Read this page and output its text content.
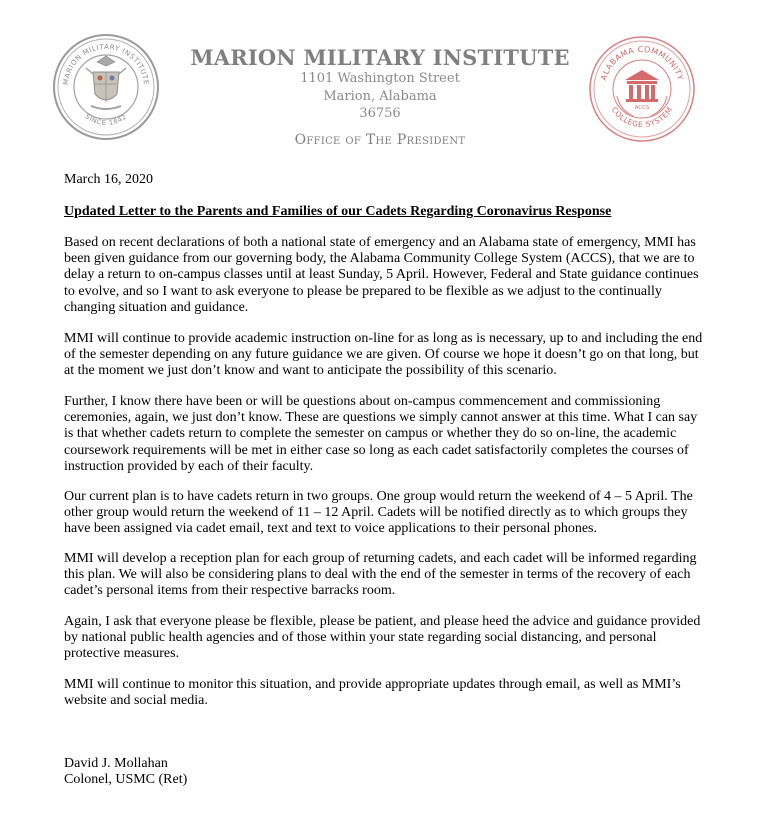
MARION MILITARY INSTITUTE
SINCE 1842
ALABAMA COMMUNITY
COLLEGE SYSTEM
ACCS
MARION MILITARY INSTITUTE
1101 Washington Street
Marion, Alabama
36756
Office of The President
March 16, 2020
Updated Letter to the Parents and Families of our Cadets Regarding Coronavirus Response
Based on recent declarations of both a national state of emergency and an Alabama state of emergency, MMI has been given guidance from our governing body, the Alabama Community College System (ACCS), that we are to delay a return to on-campus classes until at least Sunday, 5 April. However, Federal and State guidance continues to evolve, and so I want to ask everyone to please be prepared to be flexible as we adjust to the continually changing situation and guidance.
MMI will continue to provide academic instruction on-line for as long as is necessary, up to and including the end of the semester depending on any future guidance we are given. Of course we hope it doesn’t go on that long, but at the moment we just don’t know and want to anticipate the possibility of this scenario.
Further, I know there have been or will be questions about on-campus commencement and commissioning ceremonies, again, we just don’t know. These are questions we simply cannot answer at this time. What I can say is that whether cadets return to complete the semester on campus or whether they do so on-line, the academic coursework requirements will be met in either case so long as each cadet satisfactorily completes the courses of instruction provided by each of their faculty.
Our current plan is to have cadets return in two groups. One group would return the weekend of 4 – 5 April. The other group would return the weekend of 11 – 12 April. Cadets will be notified directly as to which groups they have been assigned via cadet email, text and text to voice applications to their personal phones.
MMI will develop a reception plan for each group of returning cadets, and each cadet will be informed regarding this plan. We will also be considering plans to deal with the end of the semester in terms of the recovery of each cadet’s personal items from their respective barracks room.
Again, I ask that everyone please be flexible, please be patient, and please heed the advice and guidance provided by national public health agencies and of those within your state regarding social distancing, and personal protective measures.
MMI will continue to monitor this situation, and provide appropriate updates through email, as well as MMI’s website and social media.
David J. Mollahan
Colonel, USMC (Ret)
